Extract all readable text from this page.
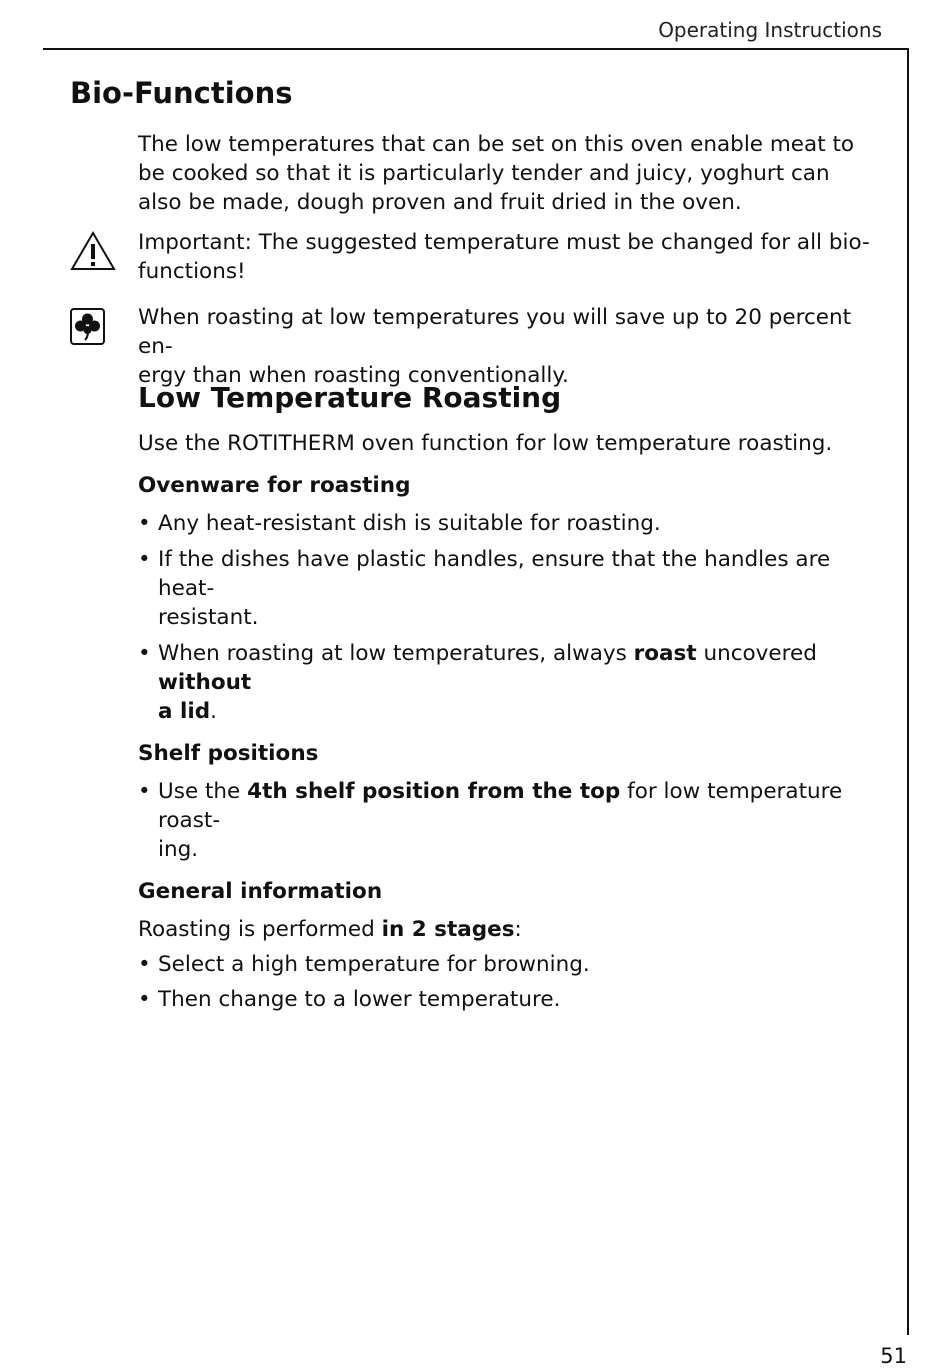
Operating Instructions
Bio-Functions

The low temperatures that can be set on this oven enable meat to be cooked so that it is particularly tender and juicy, yoghurt can also be made, dough proven and fruit dried in the oven.

Important: The suggested temperature must be changed for all bio-

functions!

When roasting at low temperatures you will save up to 20 percent en-

ergy than when roasting conventionally.

Low Temperature Roasting

Use the ROTITHERM oven function for low temperature roasting.

Ovenware for roasting
• Any heat-resistant dish is suitable for roasting.
• If the dishes have plastic handles, ensure that the handles are heat-
resistant.
• When roasting at low temperatures, always roast uncovered without
a lid.
Shelf positions
• Use the 4th shelf position from the top for low temperature roast-
ing.
General information

Roasting is performed in 2 stages:

• Select a high temperature for browning.
• Then change to a lower temperature.
51
